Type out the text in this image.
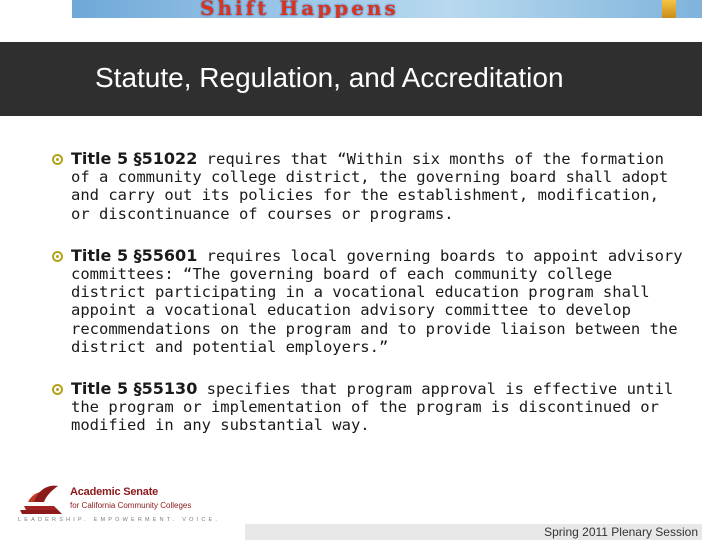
Shift Happens
Statute, Regulation, and Accreditation
Title 5 §51022 requires that “Within six months of the formation of a community college district, the governing board shall adopt and carry out its policies for the establishment, modification, or discontinuance of courses or programs.
Title 5 §55601 requires local governing boards to appoint advisory committees: “The governing board of each community college district participating in a vocational education program shall appoint a vocational education advisory committee to develop recommendations on the program and to provide liaison between the district and potential employers.”
Title 5 §55130 specifies that program approval is effective until the program or implementation of the program is discontinued or modified in any substantial way.
Academic Senate
for California Community Colleges
LEADERSHIP. EMPOWERMENT. VOICE.
Spring 2011 Plenary Session
